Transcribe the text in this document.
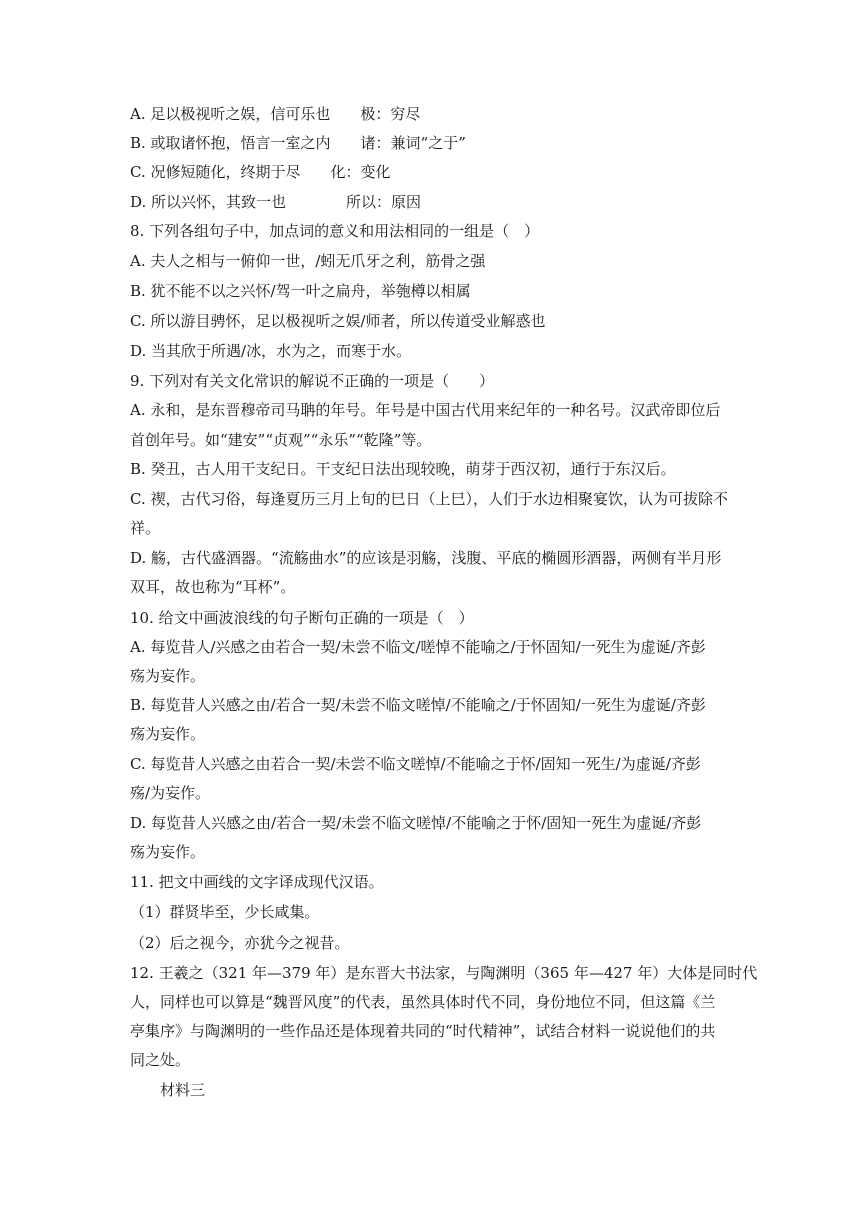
A. 足以极视听之娱，信可乐也　　极：穷尽
B. 或取诸怀抱，悟言一室之内　　诸：兼词“之于”
C. 况修短随化，终期于尽　　化：变化
D. 所以兴怀，其致一也　　　　所以：原因
8. 下列各组句子中，加点词的意义和用法相同的一组是（　）
A. 夫人之相与一俯仰一世，/蚓无爪牙之利，筋骨之强
B. 犹不能不以之兴怀/驾一叶之扁舟，举匏樽以相属
C. 所以游目骋怀，足以极视听之娱/师者，所以传道受业解惑也
D. 当其欣于所遇/冰，水为之，而寒于水。
9. 下列对有关文化常识的解说不正确的一项是（　　）
A. 永和，是东晋穆帝司马聃的年号。年号是中国古代用来纪年的一种名号。汉武帝即位后
首创年号。如“建安”“贞观”“永乐”“乾隆”等。
B. 癸丑，古人用干支纪日。干支纪日法出现较晚，萌芽于西汉初，通行于东汉后。
C. 禊，古代习俗，每逢夏历三月上旬的巳日（上巳），人们于水边相聚宴饮，认为可拔除不
祥。
D. 觞，古代盛酒器。“流觞曲水”的应该是羽觞，浅腹、平底的椭圆形酒器，两侧有半月形
双耳，故也称为“耳杯”。
10. 给文中画波浪线的句子断句正确的一项是（　）
A. 每览昔人/兴感之由若合一契/未尝不临文/嗟悼不能喻之/于怀固知/一死生为虚诞/齐彭
殇为妄作。
B. 每览昔人兴感之由/若合一契/未尝不临文嗟悼/不能喻之/于怀固知/一死生为虚诞/齐彭
殇为妄作。
C. 每览昔人兴感之由若合一契/未尝不临文嗟悼/不能喻之于怀/固知一死生/为虚诞/齐彭
殇/为妄作。
D. 每览昔人兴感之由/若合一契/未尝不临文嗟悼/不能喻之于怀/固知一死生为虚诞/齐彭
殇为妄作。
11. 把文中画线的文字译成现代汉语。
（1）群贤毕至，少长咸集。
（2）后之视今，亦犹今之视昔。
12. 王羲之（321 年—379 年）是东晋大书法家，与陶渊明（365 年—427 年）大体是同时代
人，同样也可以算是“魏晋风度”的代表，虽然具体时代不同，身份地位不同，但这篇《兰
亭集序》与陶渊明的一些作品还是体现着共同的“时代精神”，试结合材料一说说他们的共
同之处。
材料三
